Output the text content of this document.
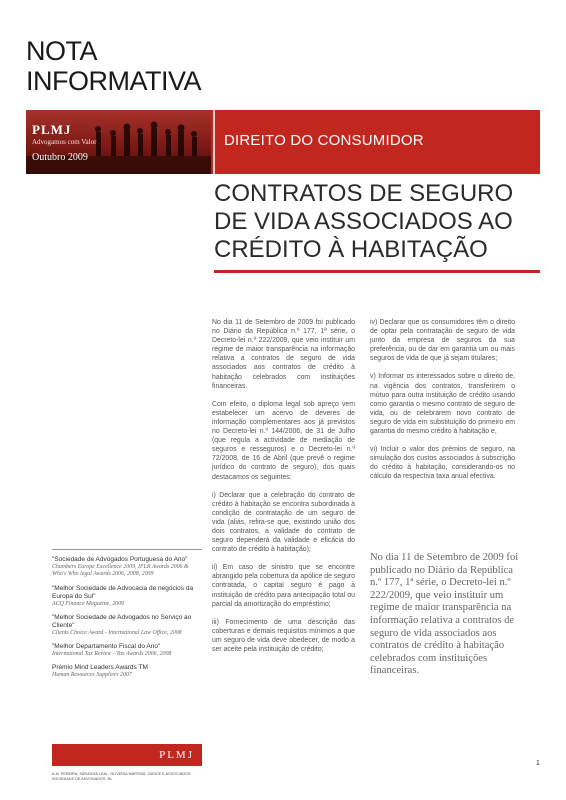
NOTA
INFORMATIVA
PLMJ
Advogamos com Valor
Outubro 2009
DIREITO DO CONSUMIDOR
CONTRATOS DE SEGURO
DE VIDA ASSOCIADOS AO
CRÉDITO À HABITAÇÃO

No dia 11 de Setembro de 2009 foi publicado no Diário da República n.º 177, 1ª série, o Decreto-lei n.º 222/2009, que veio instituir um regime de maior transparência na informação relativa a contratos de seguro de vida associados aos contratos de crédito à habitação celebrados com instituições financeiras.

Com efeito, o diploma legal sob apreço vem estabelecer um acervo de deveres de informação complementares aos já previstos no Decreto-lei n.º 144/2006, de 31 de Julho (que regula a actividade de mediação de seguros e resseguros) e o Decreto-lei n.º 72/2008, de 16 de Abril (que prevê o regime jurídico do contrato de seguro), dos quais destacamos os seguintes:

i) Declarar que a celebração do contrato de crédito à habitação se encontra subordinada à condição de contratação de um seguro de vida (aliás, refira-se que, existindo união dos dois contratos, a validade do contrato de seguro dependerá da validade e eficácia do contrato de crédito à habitação);

ii) Em caso de sinistro que se encontre abrangido pela cobertura da apólice de seguro contratada, o capital seguro é pago à instituição de crédito para antecipação total ou parcial da amortização do empréstimo;

iii) Fornecimento de uma descrição das coberturas e demais requisitos mínimos a que um seguro de vida deve obedecer, de modo a ser aceite pela instituição de crédito;

iv) Declarar que os consumidores têm o direito de optar pela contratação de seguro de vida junto da empresa de seguros da sua preferência, ou de dar em garantia um ou mais seguros de vida de que já sejam titulares;

v) Informar os interessados sobre o direito de, na vigência dos contratos, transferirem o mútuo para outra instituição de crédito usando como garantia o mesmo contrato de seguro de vida, ou de celebrarem novo contrato de seguro de vida em substituição do primeiro em garantia do mesmo crédito à habitação e,

vi) Incluir o valor dos prémios de seguro, na simulação dos custos associados à subscrição do crédito à habitação, considerando-os no cálculo da respectiva taxa anual efectiva.

No dia 11 de Setembro de 2009 foi publicado no Diário da República n.º 177, 1ª série, o Decreto-lei n.º 222/2009, que veio instituir um regime de maior transparência na informação relativa a contratos de seguro de vida associados aos contratos de crédito à habitação celebrados com instituições financeiras.
"Sociedade de Advogados Portuguesa do Ano"
Chambers Europe Excellence 2009, IFLR Awards 2006 & Who's Who legal Awards 2006, 2008, 2009
"Melhor Sociedade de Advocacia de negócios da Europa do Sul"
ACQ Finance Magazine, 2009
"Melhor Sociedade de Advogados no Serviço ao Cliente"
Clients Choice Award - International Law Office, 2008
"Melhor Departamento Fiscal do Ano"
International Tax Review - Tax Awards 2006, 2008
Prémio Mind Leaders Awards TM
Human Resources Suppliers 2007
PLMJ
A.M. PEREIRA, SÁRAGGA LEAL, OLIVEIRA MARTINS, JÚDICE E ASSOCIADOS
SOCIEDADE DE ADVOGADOS, RL
1
